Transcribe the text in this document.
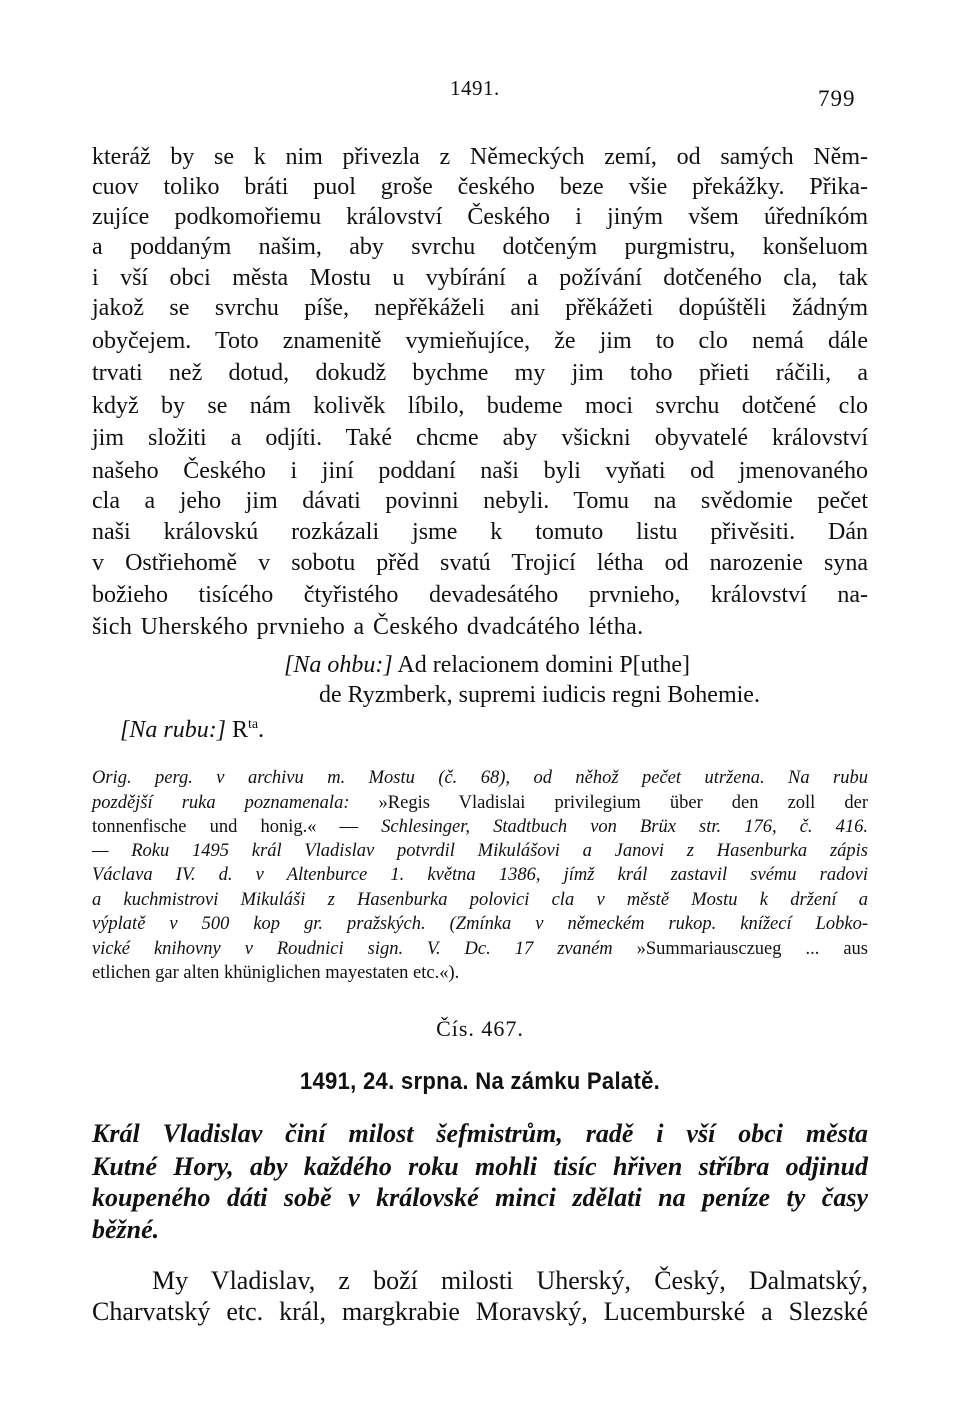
1491.	799
kteráž by se k nim přivezla z Německých zemí, od samých Něm-
cuov toliko bráti puol groše českého beze všie překážky. Přika-
zujíce podkomořiemu království Českého i jiným všem úředníkóm
a poddaným našim, aby svrchu dotčeným purgmistru, konšeluom
i vší obci města Mostu u vybírání a požívání dotčeného cla, tak
jakož se svrchu píše, nepřěkáželi ani přěkážeti dopúštěli žádným
obyčejem. Toto znamenitě vymieňujíce, že jim to clo nemá dále
trvati než dotud, dokudž bychme my jim toho přieti ráčili, a
když by se nám kolivěk líbilo, budeme moci svrchu dotčené clo
jim složiti a odjíti. Také chcme aby všickni obyvatelé království
našeho Českého i jiní poddaní naši byli vyňati od jmenovaného
cla a jeho jim dávati povinni nebyli. Tomu na svědomie pečet
naši královskú rozkázali jsme k tomuto listu přivěsiti. Dán
v Ostřiehomě v sobotu přěd svatú Trojicí létha od narozenie syna
božieho tisícého čtyřistého devadesátého prvnieho, království na-
šich Uherského prvnieho a Českého dvadcátého létha.
[Na ohbu:] Ad relacionem domini P[uthe]
de Ryzmberk, supremi iudicis regni Bohemie.
[Na rubu:] $R^{ta}$.
Orig. perg. v archivu m. Mostu (č. 68), od něhož pečet utržena. Na rubu
pozdější ruka poznamenala: »Regis Vladislai privilegium über den zoll der
tonnenfische und honig.« — Schlesinger, Stadtbuch von Brüx str. 176, č. 416.
— Roku 1495 král Vladislav potvrdil Mikulášovi a Janovi z Hasenburka zápis
Václava IV. d. v Altenburce 1. května 1386, jímž král zastavil svému radovi
a kuchmistrovi Mikuláši z Hasenburka polovici cla v městě Mostu k držení a
výplatě v 500 kop gr. pražských. (Zmínka v německém rukop. knížecí Lobko-
vické knihovny v Roudnici sign. V. Dc. 17 zvaném »Summariausczueg ... aus
etlichen gar alten khüniglichen mayestaten etc.«).
Čís. 467.
1491, 24. srpna. Na zámku Palatě.
Král Vladislav činí milost šefmistrům, radě i vší obci města
Kutné Hory, aby každého roku mohli tisíc hřiven stříbra odjinud
koupeného dáti sobě v královské minci zdělati na peníze ty časy
běžné.
My Vladislav, z boží milosti Uherský, Český, Dalmatský,
Charvatský etc. král, margkrabie Moravský, Lucemburské a Slezské
